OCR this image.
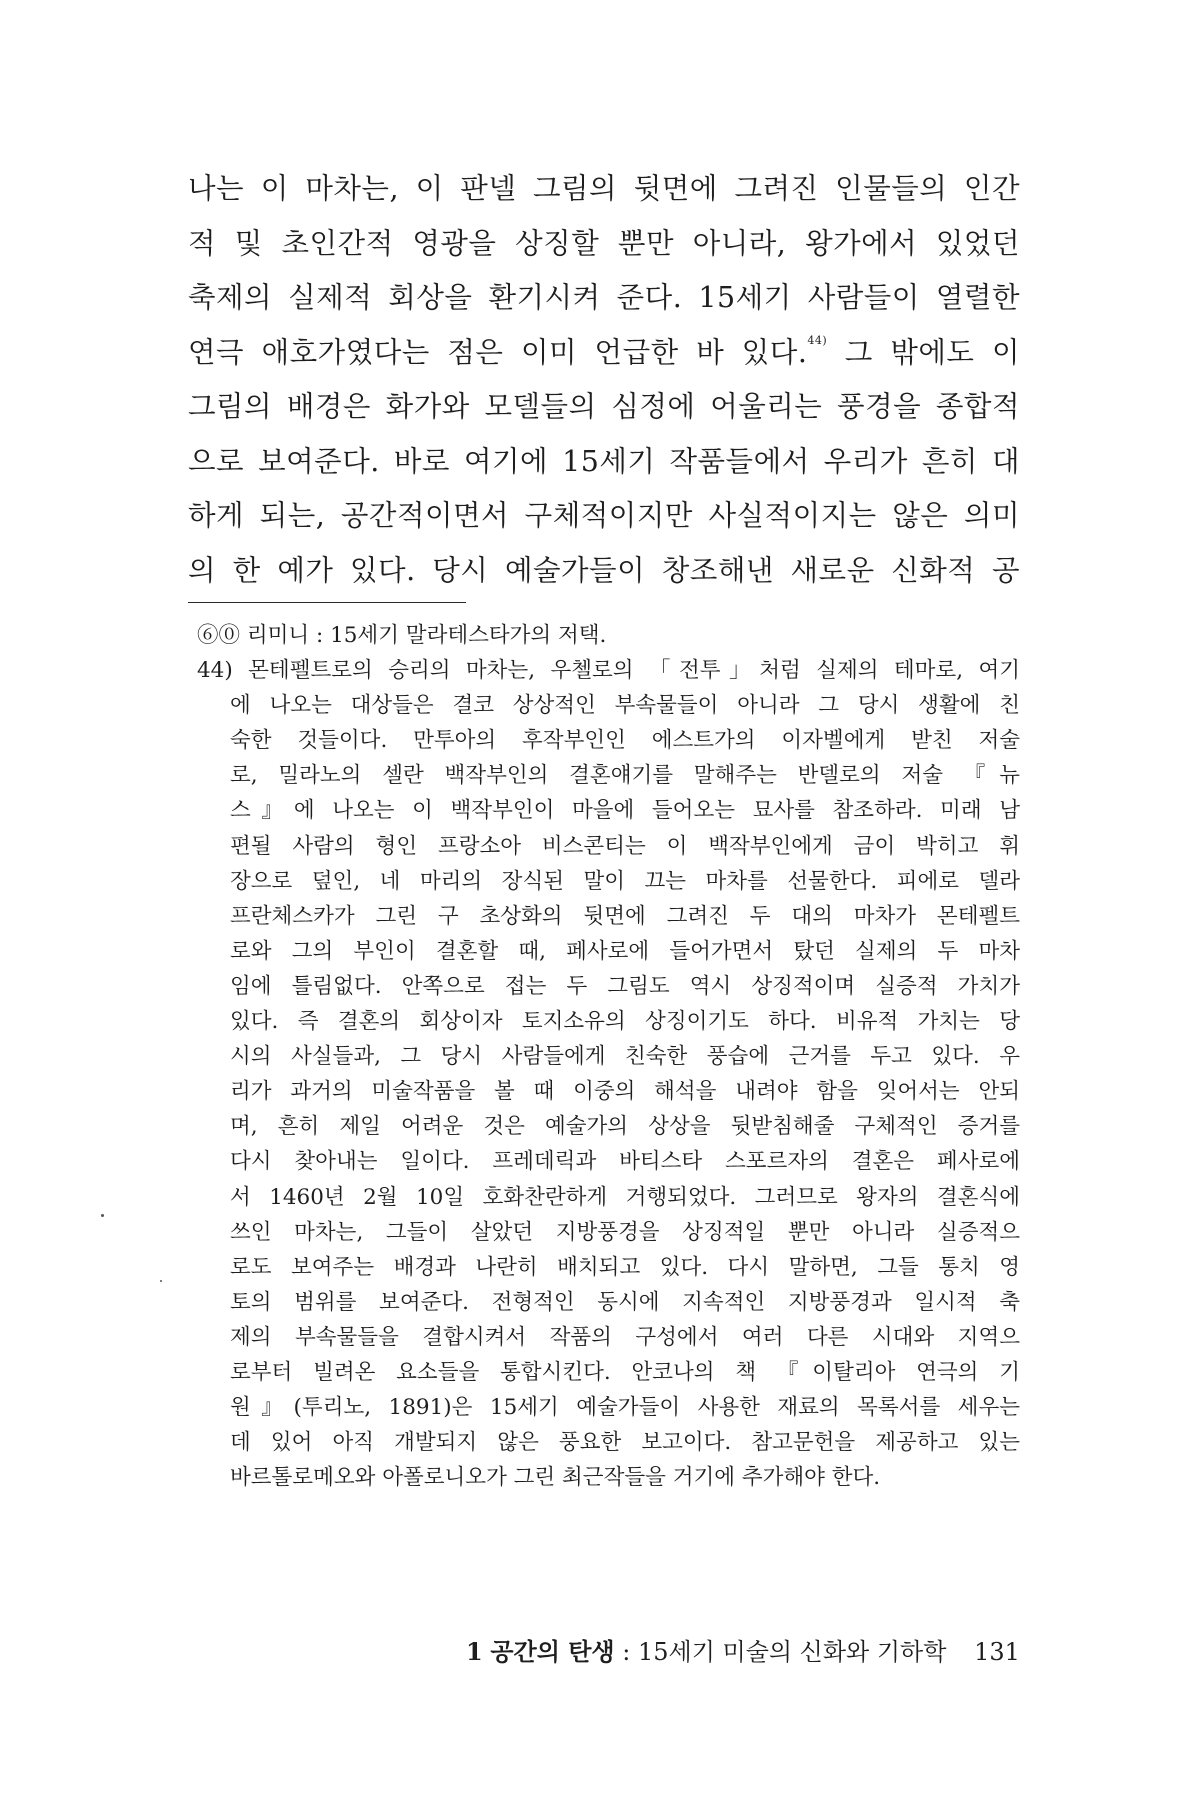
나는 이 마차는, 이 판넬 그림의 뒷면에 그려진 인물들의 인간
적 및 초인간적 영광을 상징할 뿐만 아니라, 왕가에서 있었던
축제의 실제적 회상을 환기시켜 준다. 15세기 사람들이 열렬한
연극 애호가였다는 점은 이미 언급한 바 있다.$^{44)}$ 그 밖에도 이
그림의 배경은 화가와 모델들의 심정에 어울리는 풍경을 종합적
으로 보여준다. 바로 여기에 15세기 작품들에서 우리가 흔히 대
하게 되는, 공간적이면서 구체적이지만 사실적이지는 않은 의미
의 한 예가 있다. 당시 예술가들이 창조해낸 새로운 신화적 공
⑥⓪ 리미니 : 15세기 말라테스타가의 저택.
44) 몬테펠트로의 승리의 마차는, 우첼로의 「전투」처럼 실제의 테마로, 여기
에 나오는 대상들은 결코 상상적인 부속물들이 아니라 그 당시 생활에 친
숙한 것들이다. 만투아의 후작부인인 에스트가의 이자벨에게 받친 저술
로, 밀라노의 셀란 백작부인의 결혼얘기를 말해주는 반델로의 저술 『뉴
스』에 나오는 이 백작부인이 마을에 들어오는 묘사를 참조하라. 미래 남
편될 사람의 형인 프랑소아 비스콘티는 이 백작부인에게 금이 박히고 휘
장으로 덮인, 네 마리의 장식된 말이 끄는 마차를 선물한다. 피에로 델라
프란체스카가 그린 구 초상화의 뒷면에 그려진 두 대의 마차가 몬테펠트
로와 그의 부인이 결혼할 때, 페사로에 들어가면서 탔던 실제의 두 마차
임에 틀림없다. 안쪽으로 접는 두 그림도 역시 상징적이며 실증적 가치가
있다. 즉 결혼의 회상이자 토지소유의 상징이기도 하다. 비유적 가치는 당
시의 사실들과, 그 당시 사람들에게 친숙한 풍습에 근거를 두고 있다. 우
리가 과거의 미술작품을 볼 때 이중의 해석을 내려야 함을 잊어서는 안되
며, 흔히 제일 어려운 것은 예술가의 상상을 뒷받침해줄 구체적인 증거를
다시 찾아내는 일이다. 프레데릭과 바티스타 스포르자의 결혼은 페사로에
서 1460년 2월 10일 호화찬란하게 거행되었다. 그러므로 왕자의 결혼식에
쓰인 마차는, 그들이 살았던 지방풍경을 상징적일 뿐만 아니라 실증적으
로도 보여주는 배경과 나란히 배치되고 있다. 다시 말하면, 그들 통치 영
토의 범위를 보여준다. 전형적인 동시에 지속적인 지방풍경과 일시적 축
제의 부속물들을 결합시켜서 작품의 구성에서 여러 다른 시대와 지역으
로부터 빌려온 요소들을 통합시킨다. 안코나의 책 『이탈리아 연극의 기
원』(투리노, 1891)은 15세기 예술가들이 사용한 재료의 목록서를 세우는
데 있어 아직 개발되지 않은 풍요한 보고이다. 참고문헌을 제공하고 있는
바르톨로메오와 아폴로니오가 그린 최근작들을 거기에 추가해야 한다.
1 공간의 탄생 : 15세기 미술의 신화와 기하학 131
